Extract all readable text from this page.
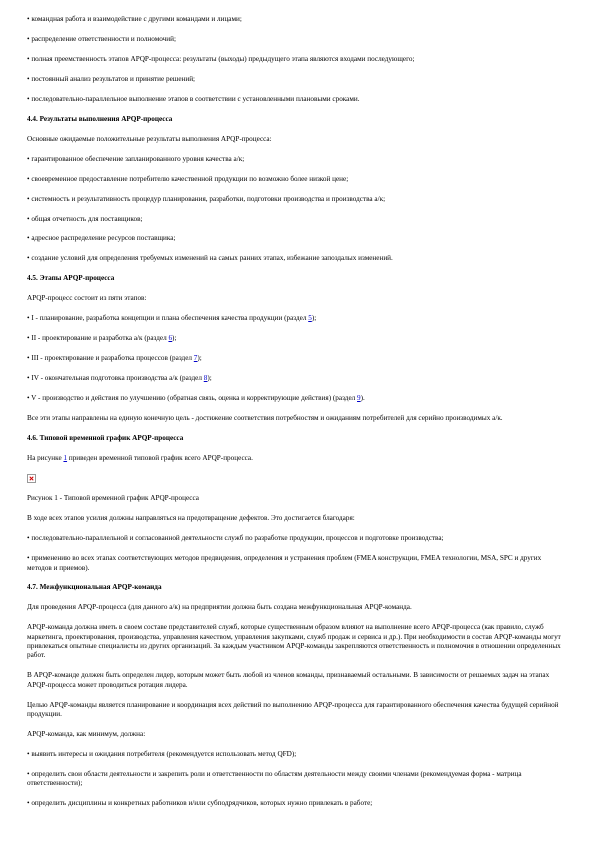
• командная работа и взаимодействие с другими командами и лицами;

• распределение ответственности и полномочий;

• полная преемственность этапов APQP-процесса: результаты (выходы) предыдущего этапа являются входами последующего;

• постоянный анализ результатов и принятие решений;

• последовательно-параллельное выполнение этапов в соответствии с установленными плановыми сроками.

4.4. Результаты выполнения APQP-процесса

Основные ожидаемые положительные результаты выполнения APQP-процесса:

• гарантированное обеспечение запланированного уровня качества а/к;

• своевременное предоставление потребителю качественной продукции по возможно более низкой цене;

• системность и результативность процедур планирования, разработки, подготовки производства и производства а/к;

• общая отчетность для поставщиков;

• адресное распределение ресурсов поставщика;

• создание условий для определения требуемых изменений на самых ранних этапах, избежание запоздалых изменений.

4.5. Этапы APQP-процесса

APQP-процесс состоит из пяти этапов:

• I - планирование, разработка концепции и плана обеспечения качества продукции (раздел 5);

• II - проектирование и разработка а/к (раздел 6);

• III - проектирование и разработка процессов (раздел 7);

• IV - окончательная подготовка производства а/к (раздел 8);

• V - производство и действия по улучшению (обратная связь, оценка и корректирующие действия) (раздел 9).

Все эти этапы направлены на единую конечную цель - достижение соответствия потребностям и ожиданиям потребителей для серийно производимых а/к.

4.6. Типовой временной график APQP-процесса

На рисунке 1 приведен временной типовой график всего APQP-процесса.

Рисунок 1 - Типовой временной график APQP-процесса

В ходе всех этапов усилия должны направляться на предотвращение дефектов. Это достигается благодаря:

• последовательно-параллельной и согласованной деятельности служб по разработке продукции, процессов и подготовке производства;

• применению во всех этапах соответствующих методов предвидения, определения и устранения проблем (FMEA конструкции, FMEA технологии, MSA, SPC и других методов и приемов).

4.7. Межфункциональная APQP-команда

Для проведения APQP-процесса (для данного а/к) на предприятии должна быть создана межфункциональная APQP-команда.

APQP-команда должна иметь в своем составе представителей служб, которые существенным образом влияют на выполнение всего APQP-процесса (как правило, служб маркетинга, проектирования, производства, управления качеством, управления закупками, служб продаж и сервиса и др.). При необходимости в состав APQP-команды могут привлекаться опытные специалисты из других организаций. За каждым участником APQP-команды закрепляются ответственность и полномочия в отношении определенных работ.

В APQP-команде должен быть определен лидер, которым может быть любой из членов команды, признаваемый остальными. В зависимости от решаемых задач на этапах APQP-процесса может проводиться ротация лидера.

Целью APQP-команды является планирование и координация всех действий по выполнению APQP-процесса для гарантированного обеспечения качества будущей серийной продукции.

APQP-команда, как минимум, должна:

• выявить интересы и ожидания потребителя (рекомендуется использовать метод QFD);

• определить свои области деятельности и закрепить роли и ответственности по областям деятельности между своими членами (рекомендуемая форма - матрица ответственности);

• определить дисциплины и конкретных работников и/или субподрядчиков, которых нужно привлекать в работе;
